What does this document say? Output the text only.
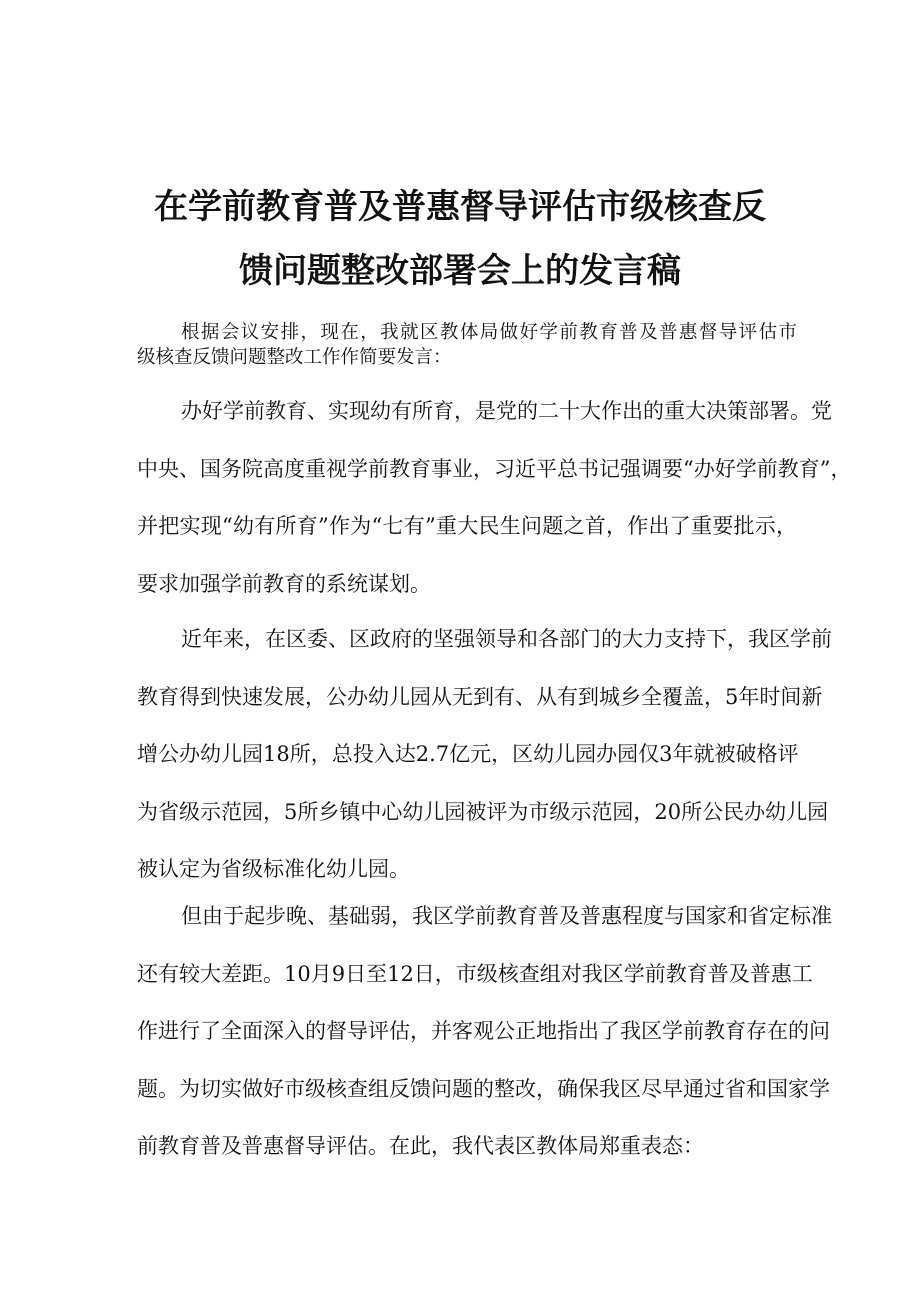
在学前教育普及普惠督导评估市级核查反
馈问题整改部署会上的发言稿
根据会议安排，现在，我就区教体局做好学前教育普及普惠督导评估市
级核查反馈问题整改工作作简要发言：
办好学前教育、实现幼有所育，是党的二十大作出的重大决策部署。党
中央、国务院高度重视学前教育事业，习近平总书记强调要“办好学前教育”，
并把实现“幼有所育”作为“七有”重大民生问题之首，作出了重要批示，
要求加强学前教育的系统谋划。
近年来，在区委、区政府的坚强领导和各部门的大力支持下，我区学前
教育得到快速发展，公办幼儿园从无到有、从有到城乡全覆盖，5年时间新
增公办幼儿园18所，总投入达2.7亿元，区幼儿园办园仅3年就被破格评
为省级示范园，5所乡镇中心幼儿园被评为市级示范园，20所公民办幼儿园
被认定为省级标准化幼儿园。
但由于起步晚、基础弱，我区学前教育普及普惠程度与国家和省定标准
还有较大差距。10月9日至12日，市级核查组对我区学前教育普及普惠工
作进行了全面深入的督导评估，并客观公正地指出了我区学前教育存在的问
题。为切实做好市级核查组反馈问题的整改，确保我区尽早通过省和国家学
前教育普及普惠督导评估。在此，我代表区教体局郑重表态：
